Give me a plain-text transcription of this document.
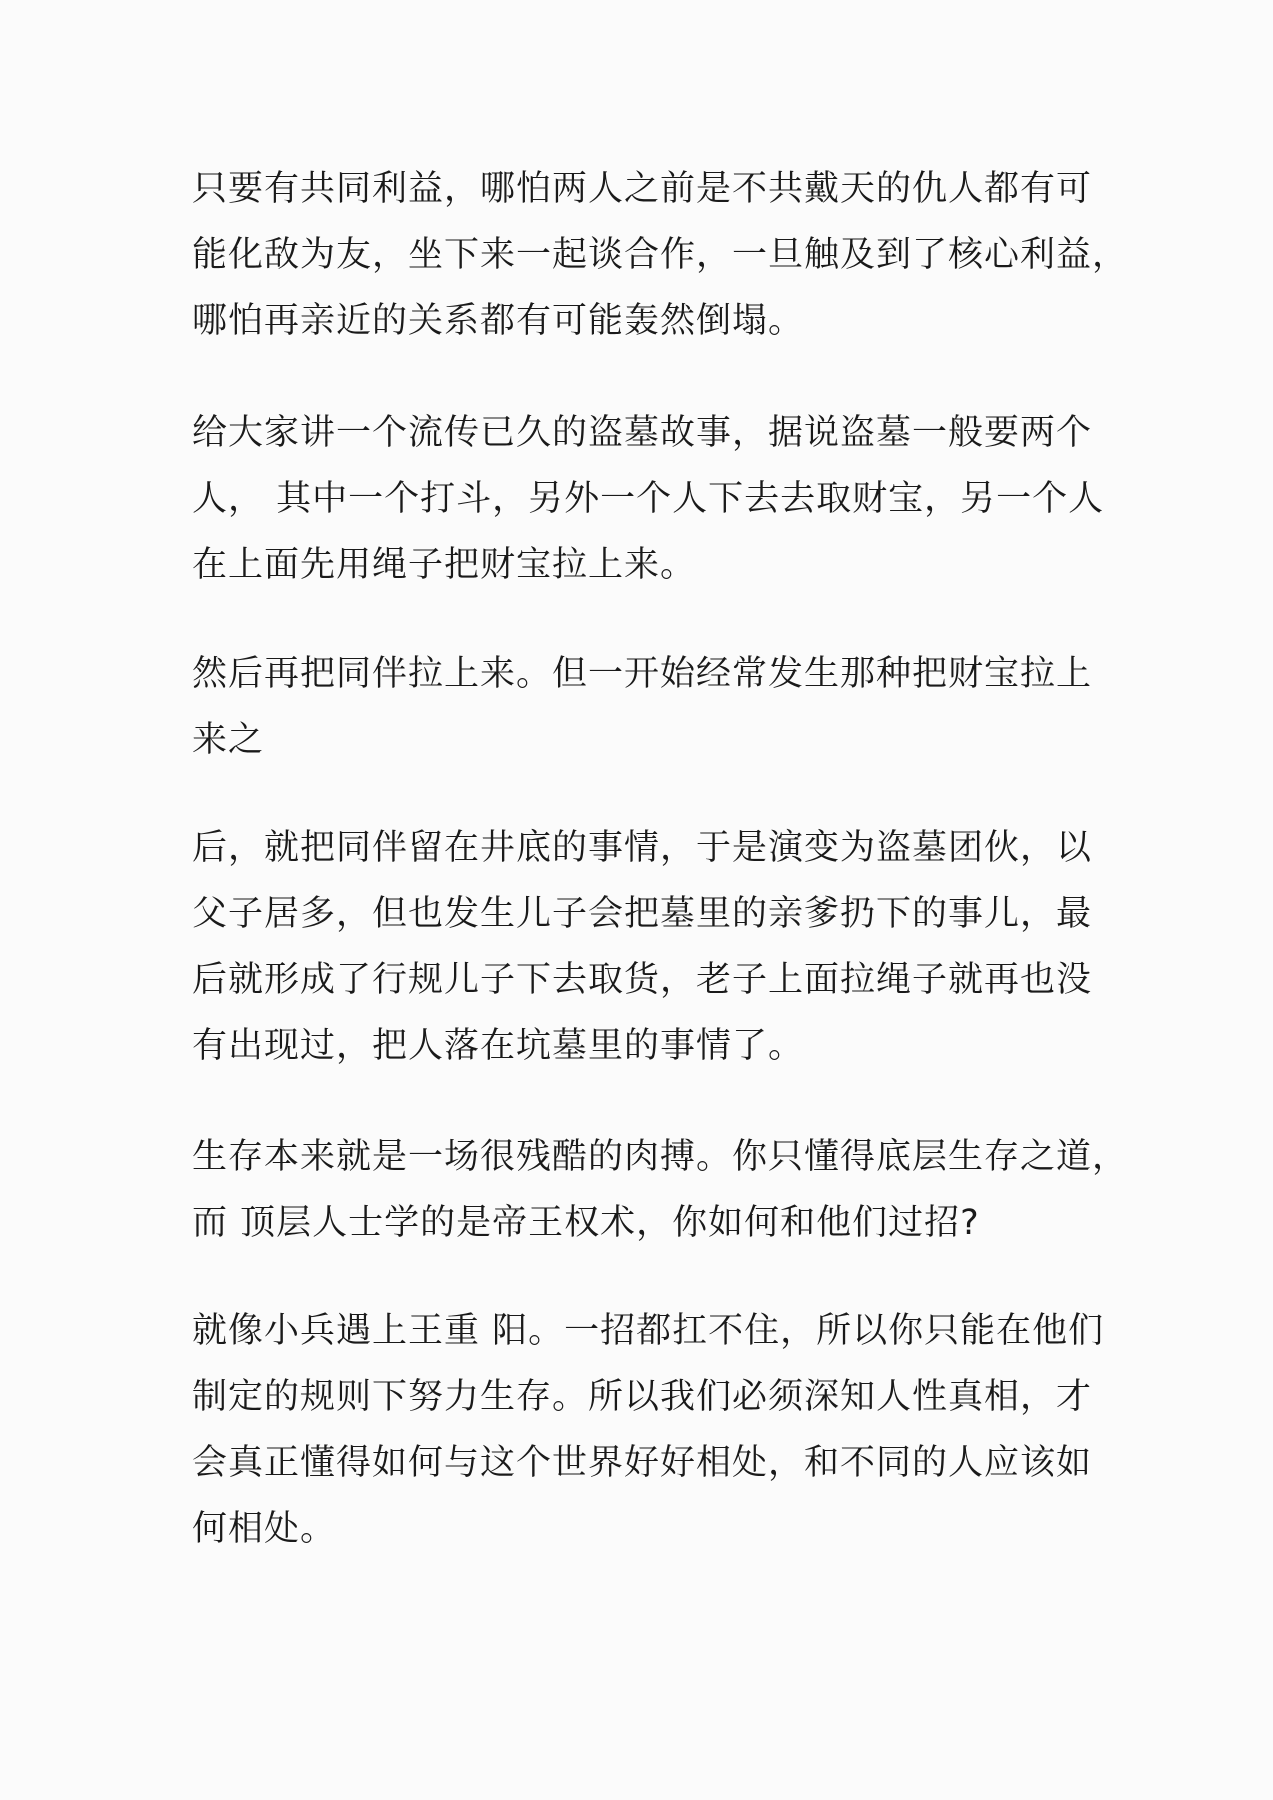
只要有共同利益，哪怕两人之前是不共戴天的仇人都有可
能化敌为友，坐下来一起谈合作，一旦触及到了核心利益，
哪怕再亲近的关系都有可能轰然倒塌。

给大家讲一个流传已久的盗墓故事，据说盗墓一般要两个
人， 其中一个打斗，另外一个人下去去取财宝，另一个人
在上面先用绳子把财宝拉上来。

然后再把同伴拉上来。但一开始经常发生那种把财宝拉上
来之

后，就把同伴留在井底的事情，于是演变为盗墓团伙，以
父子居多，但也发生儿子会把墓里的亲爹扔下的事儿，最
后就形成了行规儿子下去取货，老子上面拉绳子就再也没
有出现过，把人落在坑墓里的事情了。

生存本来就是一场很残酷的肉搏。你只懂得底层生存之道，
而 顶层人士学的是帝王权术，你如何和他们过招?

就像小兵遇上王重 阳。一招都扛不住，所以你只能在他们
制定的规则下努力生存。所以我们必须深知人性真相，才
会真正懂得如何与这个世界好好相处，和不同的人应该如
何相处。
